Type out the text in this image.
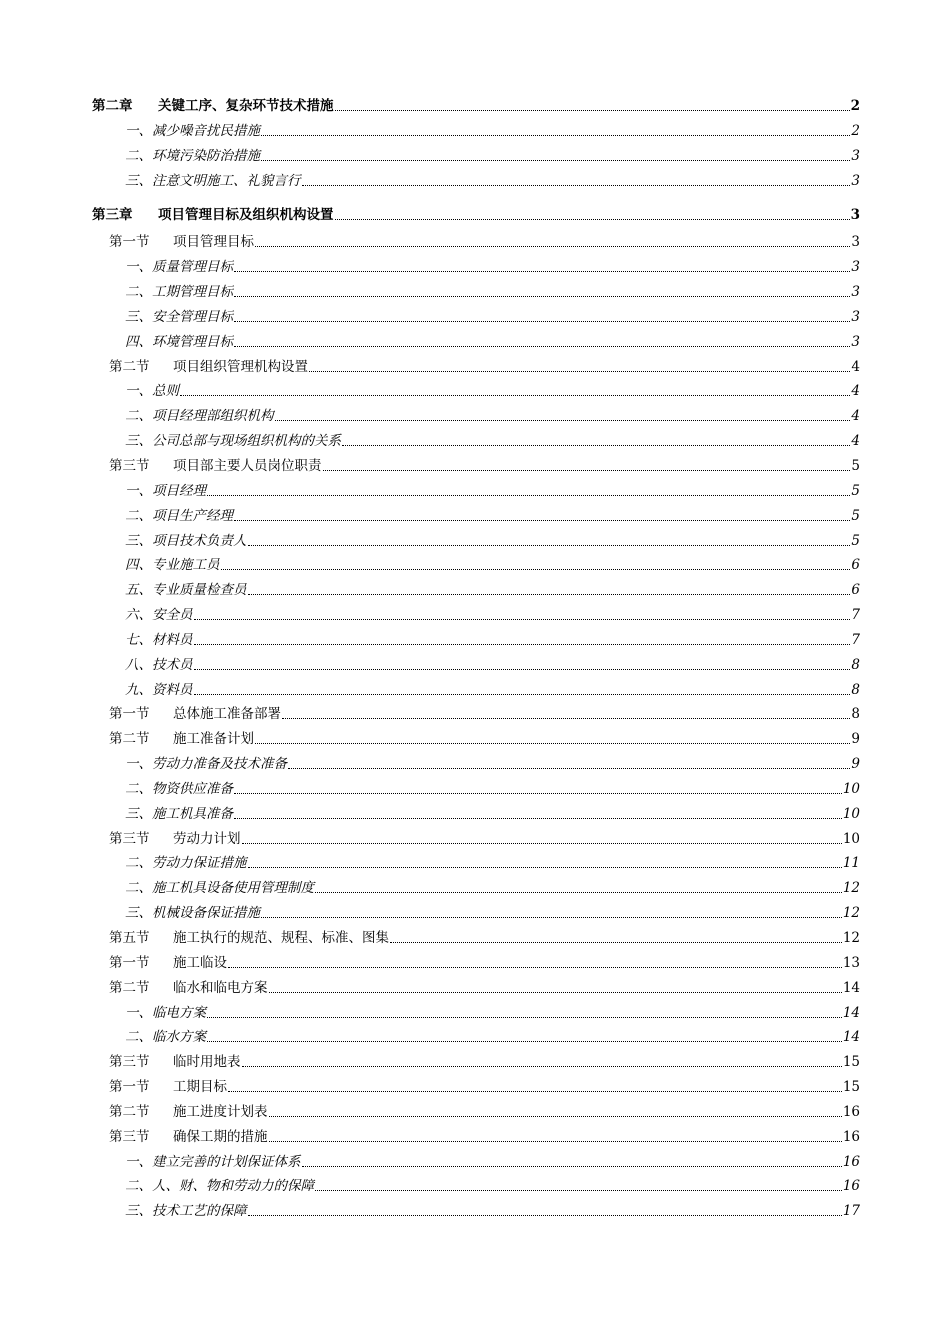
第二章	关键工序、复杂环节技术措施	2
一、 减少噪音扰民措施	2
二、 环境污染防治措施	3
三、 注意文明施工、礼貌言行	3
第三章	项目管理目标及组织机构设置	3
第一节	项目管理目标	3
一、 质量管理目标	3
二、 工期管理目标	3
三、 安全管理目标	3
四、 环境管理目标	3
第二节	项目组织管理机构设置	4
一、 总则	4
二、 项目经理部组织机构	4
三、 公司总部与现场组织机构的关系	4
第三节	项目部主要人员岗位职责	5
一、 项目经理	5
二、 项目生产经理	5
三、 项目技术负责人	5
四、 专业施工员	6
五、 专业质量检查员	6
六、 安全员	7
七、 材料员	7
八、 技术员	8
九、 资料员	8
第一节	总体施工准备部署	8
第二节	施工准备计划	9
一、 劳动力准备及技术准备	9
二、 物资供应准备	10
三、 施工机具准备	10
第三节	劳动力计划	10
二、 劳动力保证措施	11
二、 施工机具设备使用管理制度	12
三、 机械设备保证措施	12
第五节	施工执行的规范、规程、标准、图集	12
第一节	施工临设	13
第二节	临水和临电方案	14
一、 临电方案	14
二、 临水方案	14
第三节	临时用地表	15
第一节	工期目标	15
第二节	施工进度计划表	16
第三节	确保工期的措施	16
一、 建立完善的计划保证体系	16
二、 人、财、物和劳动力的保障	16
三、 技术工艺的保障	17
